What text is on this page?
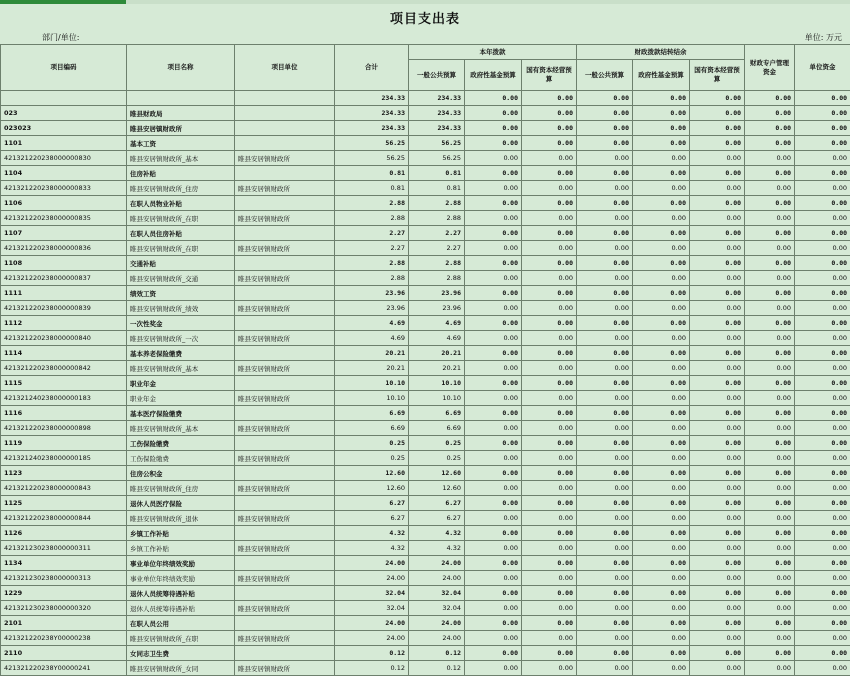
项目支出表
部门/单位:	单位: 万元
项目编码	项目名称	项目单位	合计	本年拨款			财政拨款结转结余			财政专户管理资金	单位资金
				一般公共预算	政府性基金预算	国有资本经营预算	一般公共预算	政府性基金预算	国有资本经营预算		
			234.33	234.33	0.00	0.00	0.00	0.00	0.00	0.00	0.00
023	睢县财政局		234.33	234.33	0.00	0.00	0.00	0.00	0.00	0.00	0.00
023023	睢县安居镇财政所		234.33	234.33	0.00	0.00	0.00	0.00	0.00	0.00	0.00
1101	基本工资		56.25	56.25	0.00	0.00	0.00	0.00	0.00	0.00	0.00
421321220238000000830	睢县安居镇财政所_基本	睢县安居镇财政所	56.25	56.25	0.00	0.00	0.00	0.00	0.00	0.00	0.00
1104	住房补贴		0.81	0.81	0.00	0.00	0.00	0.00	0.00	0.00	0.00
421321220238000000833	睢县安居镇财政所_住房	睢县安居镇财政所	0.81	0.81	0.00	0.00	0.00	0.00	0.00	0.00	0.00
1106	在职人员物业补贴		2.88	2.88	0.00	0.00	0.00	0.00	0.00	0.00	0.00
421321220238000000835	睢县安居镇财政所_在职	睢县安居镇财政所	2.88	2.88	0.00	0.00	0.00	0.00	0.00	0.00	0.00
1107	在职人员住房补贴		2.27	2.27	0.00	0.00	0.00	0.00	0.00	0.00	0.00
421321220238000000836	睢县安居镇财政所_在职	睢县安居镇财政所	2.27	2.27	0.00	0.00	0.00	0.00	0.00	0.00	0.00
1108	交通补贴		2.88	2.88	0.00	0.00	0.00	0.00	0.00	0.00	0.00
421321220238000000837	睢县安居镇财政所_交通	睢县安居镇财政所	2.88	2.88	0.00	0.00	0.00	0.00	0.00	0.00	0.00
1111	绩效工资		23.96	23.96	0.00	0.00	0.00	0.00	0.00	0.00	0.00
421321220238000000839	睢县安居镇财政所_绩效	睢县安居镇财政所	23.96	23.96	0.00	0.00	0.00	0.00	0.00	0.00	0.00
1112	一次性奖金		4.69	4.69	0.00	0.00	0.00	0.00	0.00	0.00	0.00
421321220238000000840	睢县安居镇财政所_一次	睢县安居镇财政所	4.69	4.69	0.00	0.00	0.00	0.00	0.00	0.00	0.00
1114	基本养老保险缴费		20.21	20.21	0.00	0.00	0.00	0.00	0.00	0.00	0.00
421321220238000000842	睢县安居镇财政所_基本	睢县安居镇财政所	20.21	20.21	0.00	0.00	0.00	0.00	0.00	0.00	0.00
1115	职业年金		10.10	10.10	0.00	0.00	0.00	0.00	0.00	0.00	0.00
421321240238000000183	职业年金	睢县安居镇财政所	10.10	10.10	0.00	0.00	0.00	0.00	0.00	0.00	0.00
1116	基本医疗保险缴费		6.69	6.69	0.00	0.00	0.00	0.00	0.00	0.00	0.00
421321220238000000898	睢县安居镇财政所_基本	睢县安居镇财政所	6.69	6.69	0.00	0.00	0.00	0.00	0.00	0.00	0.00
1119	工伤保险缴费		0.25	0.25	0.00	0.00	0.00	0.00	0.00	0.00	0.00
421321240238000000185	工伤保险缴费	睢县安居镇财政所	0.25	0.25	0.00	0.00	0.00	0.00	0.00	0.00	0.00
1123	住房公积金		12.60	12.60	0.00	0.00	0.00	0.00	0.00	0.00	0.00
421321220238000000843	睢县安居镇财政所_住房	睢县安居镇财政所	12.60	12.60	0.00	0.00	0.00	0.00	0.00	0.00	0.00
1125	退休人员医疗保险		6.27	6.27	0.00	0.00	0.00	0.00	0.00	0.00	0.00
421321220238000000844	睢县安居镇财政所_退休	睢县安居镇财政所	6.27	6.27	0.00	0.00	0.00	0.00	0.00	0.00	0.00
1126	乡镇工作补贴		4.32	4.32	0.00	0.00	0.00	0.00	0.00	0.00	0.00
421321230238000000311	乡镇工作补贴	睢县安居镇财政所	4.32	4.32	0.00	0.00	0.00	0.00	0.00	0.00	0.00
1134	事业单位年终绩效奖励		24.00	24.00	0.00	0.00	0.00	0.00	0.00	0.00	0.00
421321230238000000313	事业单位年终绩效奖励	睢县安居镇财政所	24.00	24.00	0.00	0.00	0.00	0.00	0.00	0.00	0.00
1229	退休人员统筹待遇补贴		32.04	32.04	0.00	0.00	0.00	0.00	0.00	0.00	0.00
421321230238000000320	退休人员统筹待遇补贴	睢县安居镇财政所	32.04	32.04	0.00	0.00	0.00	0.00	0.00	0.00	0.00
2101	在职人员公用		24.00	24.00	0.00	0.00	0.00	0.00	0.00	0.00	0.00
421321220238Y00000238	睢县安居镇财政所_在职	睢县安居镇财政所	24.00	24.00	0.00	0.00	0.00	0.00	0.00	0.00	0.00
2110	女同志卫生费		0.12	0.12	0.00	0.00	0.00	0.00	0.00	0.00	0.00
421321220238Y00000241	睢县安居镇财政所_女同	睢县安居镇财政所	0.12	0.12	0.00	0.00	0.00	0.00	0.00	0.00	0.00
